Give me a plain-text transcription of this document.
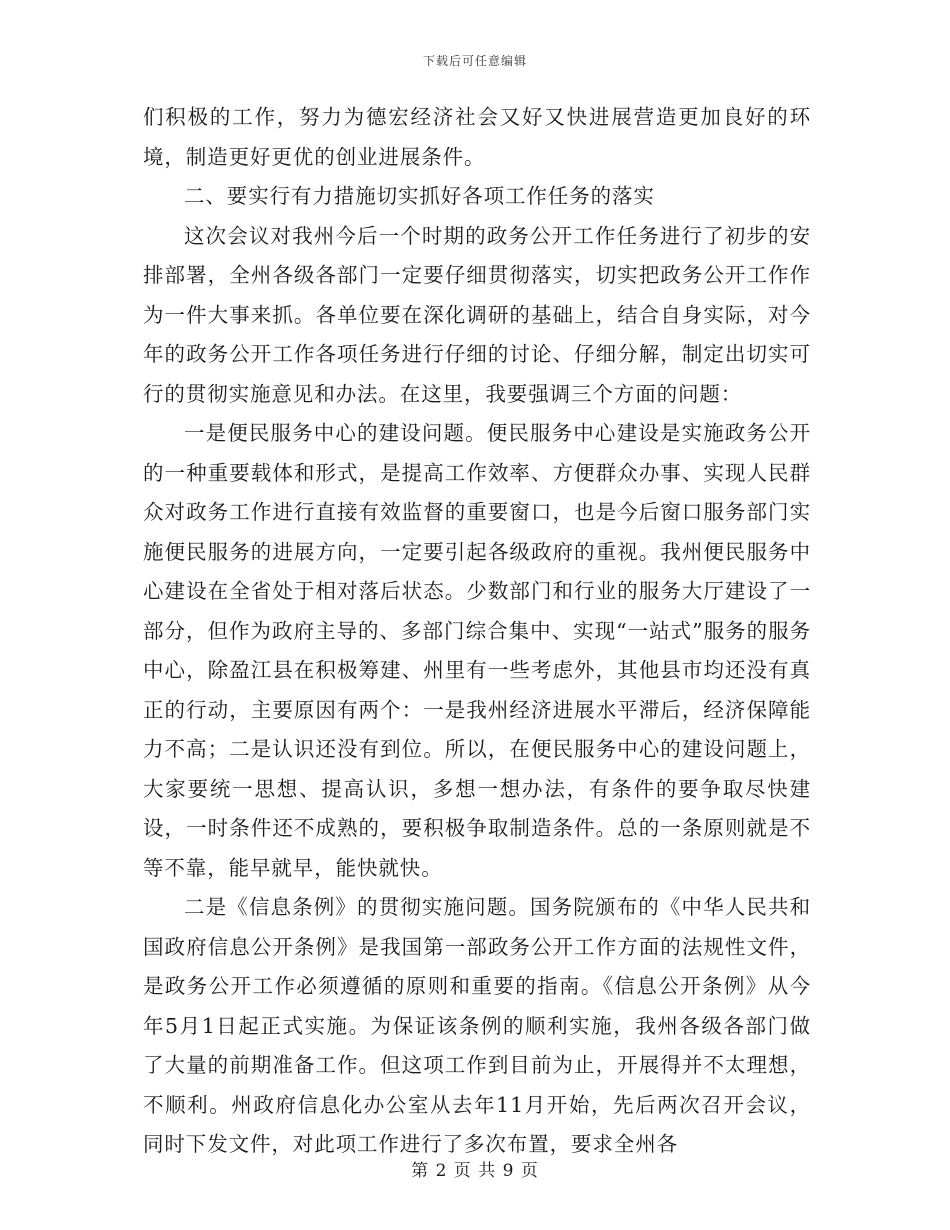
下载后可任意编辑

们积极的工作，努力为德宏经济社会又好又快进展营造更加良好的环境，制造更好更优的创业进展条件。

二、要实行有力措施切实抓好各项工作任务的落实

这次会议对我州今后一个时期的政务公开工作任务进行了初步的安排部署，全州各级各部门一定要仔细贯彻落实，切实把政务公开工作作为一件大事来抓。各单位要在深化调研的基础上，结合自身实际，对今年的政务公开工作各项任务进行仔细的讨论、仔细分解，制定出切实可行的贯彻实施意见和办法。在这里，我要强调三个方面的问题：

一是便民服务中心的建设问题。便民服务中心建设是实施政务公开的一种重要载体和形式，是提高工作效率、方便群众办事、实现人民群众对政务工作进行直接有效监督的重要窗口，也是今后窗口服务部门实施便民服务的进展方向，一定要引起各级政府的重视。我州便民服务中心建设在全省处于相对落后状态。少数部门和行业的服务大厅建设了一部分，但作为政府主导的、多部门综合集中、实现“一站式”服务的服务中心，除盈江县在积极筹建、州里有一些考虑外，其他县市均还没有真正的行动，主要原因有两个：一是我州经济进展水平滞后，经济保障能力不高；二是认识还没有到位。所以，在便民服务中心的建设问题上，大家要统一思想、提高认识，多想一想办法，有条件的要争取尽快建设，一时条件还不成熟的，要积极争取制造条件。总的一条原则就是不等不靠，能早就早，能快就快。

二是《信息条例》的贯彻实施问题。国务院颁布的《中华人民共和国政府信息公开条例》是我国第一部政务公开工作方面的法规性文件，是政务公开工作必须遵循的原则和重要的指南。《信息公开条例》从今年5月1日起正式实施。为保证该条例的顺利实施，我州各级各部门做了大量的前期准备工作。但这项工作到目前为止，开展得并不太理想，不顺利。州政府信息化办公室从去年11月开始，先后两次召开会议，同时下发文件，对此项工作进行了多次布置，要求全州各

第 2 页 共 9 页
